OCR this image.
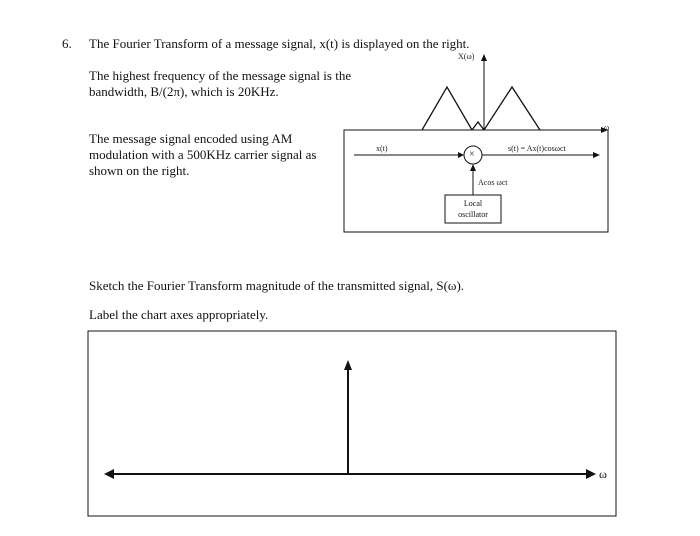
6. The Fourier Transform of a message signal, x(t) is displayed on the right.
The highest frequency of the message signal is the
bandwidth, B/(2π), which is 20KHz.
The message signal encoded using AM
modulation with a 500KHz carrier signal as
shown on the right.
Sketch the Fourier Transform magnitude of the transmitted signal, S(ω).
Label the chart axes appropriately.
X(ω)
ω
x(t)
×
s(t) = Ax(t)cosωct
Acos ωct
Local
oscillator
ω
